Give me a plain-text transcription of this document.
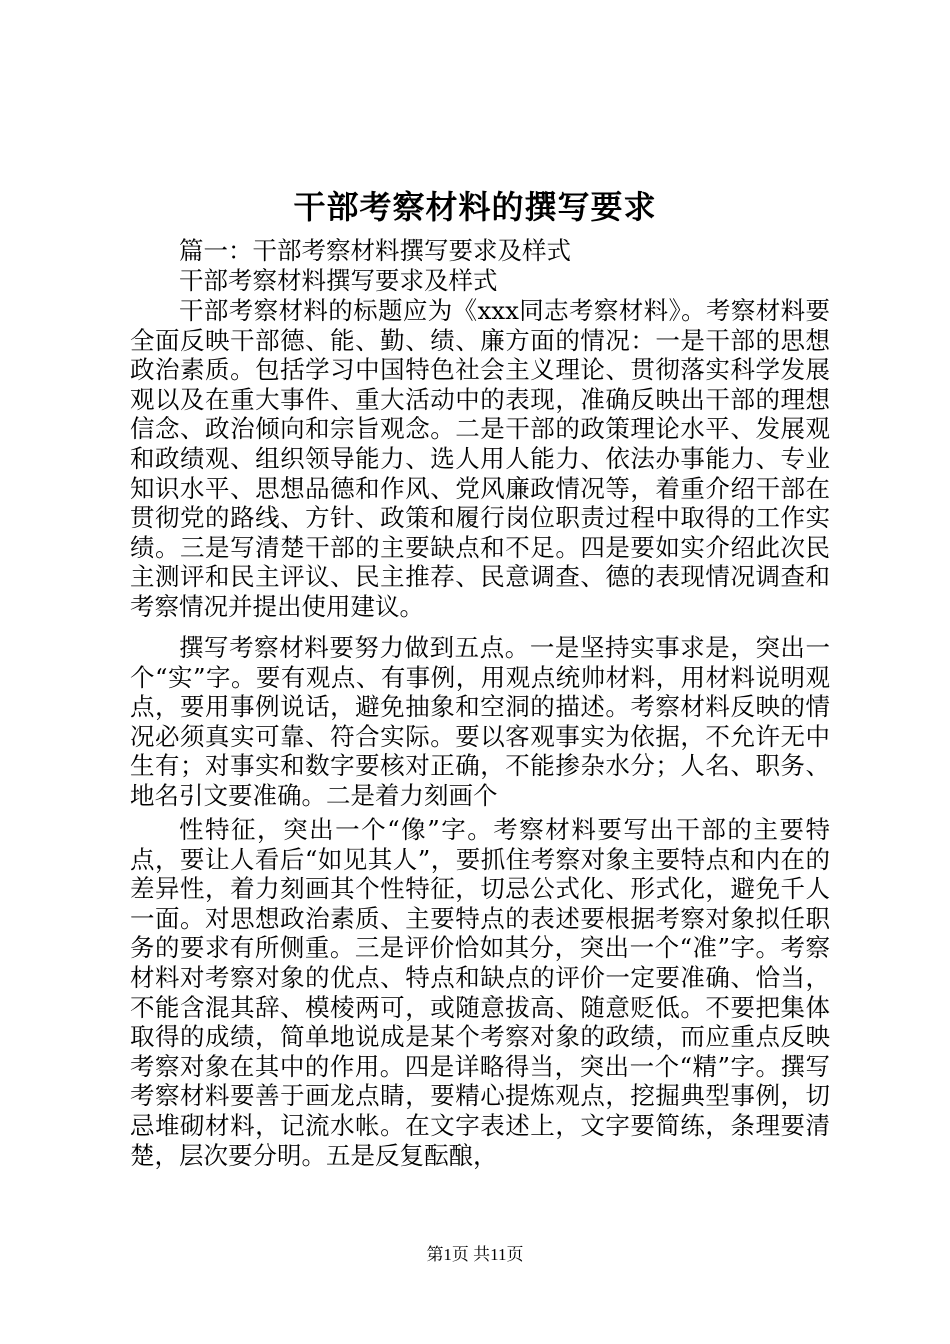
干部考察材料的撰写要求
篇一：干部考察材料撰写要求及样式
干部考察材料撰写要求及样式
干部考察材料的标题应为《xxx同志考察材料》。考察材料要全面反映干部德、能、勤、绩、廉方面的情况：一是干部的思想政治素质。包括学习中国特色社会主义理论、贯彻落实科学发展观以及在重大事件、重大活动中的表现，准确反映出干部的理想信念、政治倾向和宗旨观念。二是干部的政策理论水平、发展观和政绩观、组织领导能力、选人用人能力、依法办事能力、专业知识水平、思想品德和作风、党风廉政情况等，着重介绍干部在贯彻党的路线、方针、政策和履行岗位职责过程中取得的工作实绩。三是写清楚干部的主要缺点和不足。四是要如实介绍此次民主测评和民主评议、民主推荐、民意调查、德的表现情况调查和考察情况并提出使用建议。
撰写考察材料要努力做到五点。一是坚持实事求是，突出一个“实”字。要有观点、有事例，用观点统帅材料，用材料说明观点，要用事例说话，避免抽象和空洞的描述。考察材料反映的情况必须真实可靠、符合实际。要以客观事实为依据，不允许无中生有；对事实和数字要核对正确，不能掺杂水分；人名、职务、地名引文要准确。二是着力刻画个
性特征，突出一个“像”字。考察材料要写出干部的主要特点，要让人看后“如见其人”，要抓住考察对象主要特点和内在的差异性，着力刻画其个性特征，切忌公式化、形式化，避免千人一面。对思想政治素质、主要特点的表述要根据考察对象拟任职务的要求有所侧重。三是评价恰如其分，突出一个“准”字。考察材料对考察对象的优点、特点和缺点的评价一定要准确、恰当，不能含混其辞、模棱两可，或随意拔高、随意贬低。不要把集体取得的成绩，简单地说成是某个考察对象的政绩，而应重点反映考察对象在其中的作用。四是详略得当，突出一个“精”字。撰写考察材料要善于画龙点睛，要精心提炼观点，挖掘典型事例，切忌堆砌材料，记流水帐。在文字表述上，文字要简练，条理要清楚，层次要分明。五是反复酝酿，
第1页 共11页
